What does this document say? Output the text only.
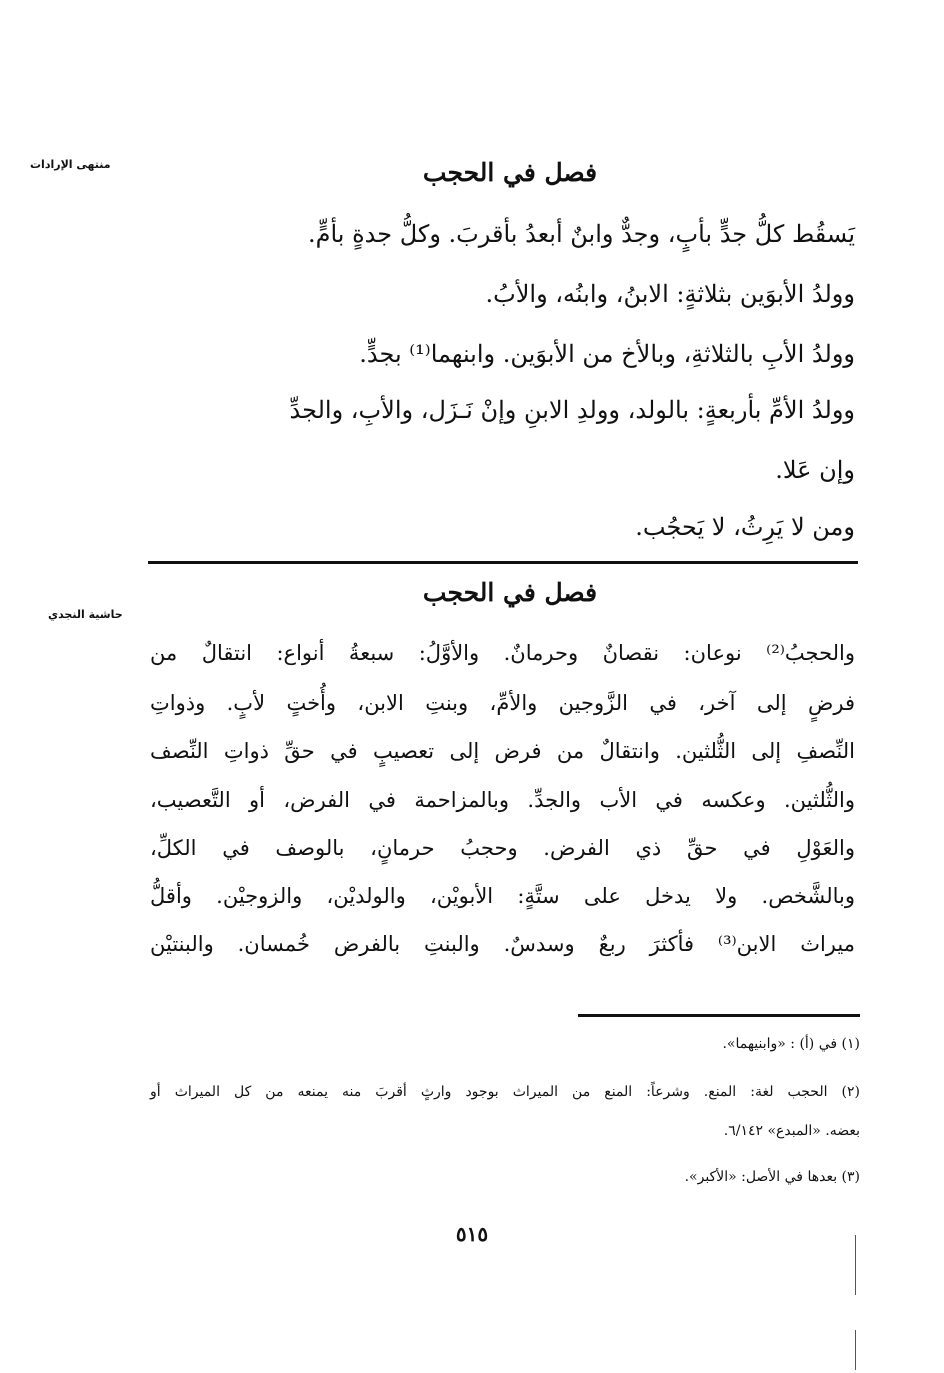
منتهى الإرادات
حاشية النجدي
فصل في الحجب
يَسقُط كلُّ جدٍّ بأبٍ، وجدٌّ وابنٌ أبعدُ بأقربَ. وكلُّ جدةٍ بأمٍّ.
وولدُ الأبوَين بثلاثةٍ: الابنُ، وابنُه، والأبُ.
وولدُ الأبِ بالثلاثةِ، وبالأخ من الأبوَين. وابنهما⁽¹⁾ بجدٍّ.
وولدُ الأمِّ بأربعةٍ: بالولد، وولدِ الابنِ وإنْ نَـزَل، والأبِ، والجدِّ
وإن عَلا.
ومن لا يَرِثُ، لا يَحجُب.
فصل في الحجب
والحجبُ⁽²⁾ نوعان: نقصانٌ وحرمانٌ. والأوَّلُ: سبعةُ أنواع: انتقالٌ من
فرضٍ إلى آخر، في الزَّوجين والأمِّ، وبنتِ الابن، وأُختٍ لأبٍ. وذواتِ
النِّصفِ إلى الثُّلثين. وانتقالٌ من فرض إلى تعصيبٍ في حقِّ ذواتِ النِّصف
والثُّلثين. وعكسه في الأب والجدِّ. وبالمزاحمة في الفرض، أو التَّعصيب،
والعَوْلِ في حقِّ ذي الفرض. وحجبُ حرمانٍ، بالوصف في الكلِّ،
وبالشَّخص. ولا يدخل على ستَّةٍ: الأبويْن، والولديْن، والزوجيْن. وأقلُّ
ميراث الابن⁽³⁾ فأكثرَ ربعٌ وسدسٌ. والبنتِ بالفرض خُمسان. والبنتيْن
(١) في (أ) : «وابنيهما».
(٢) الحجب لغة: المنع. وشرعاً: المنع من الميراث بوجود وارثٍ أقربَ منه يمنعه من كل الميراث أو
بعضه. «المبدع» ٦/١٤٢.
(٣) بعدها في الأصل: «الأكبر».
٥١٥
